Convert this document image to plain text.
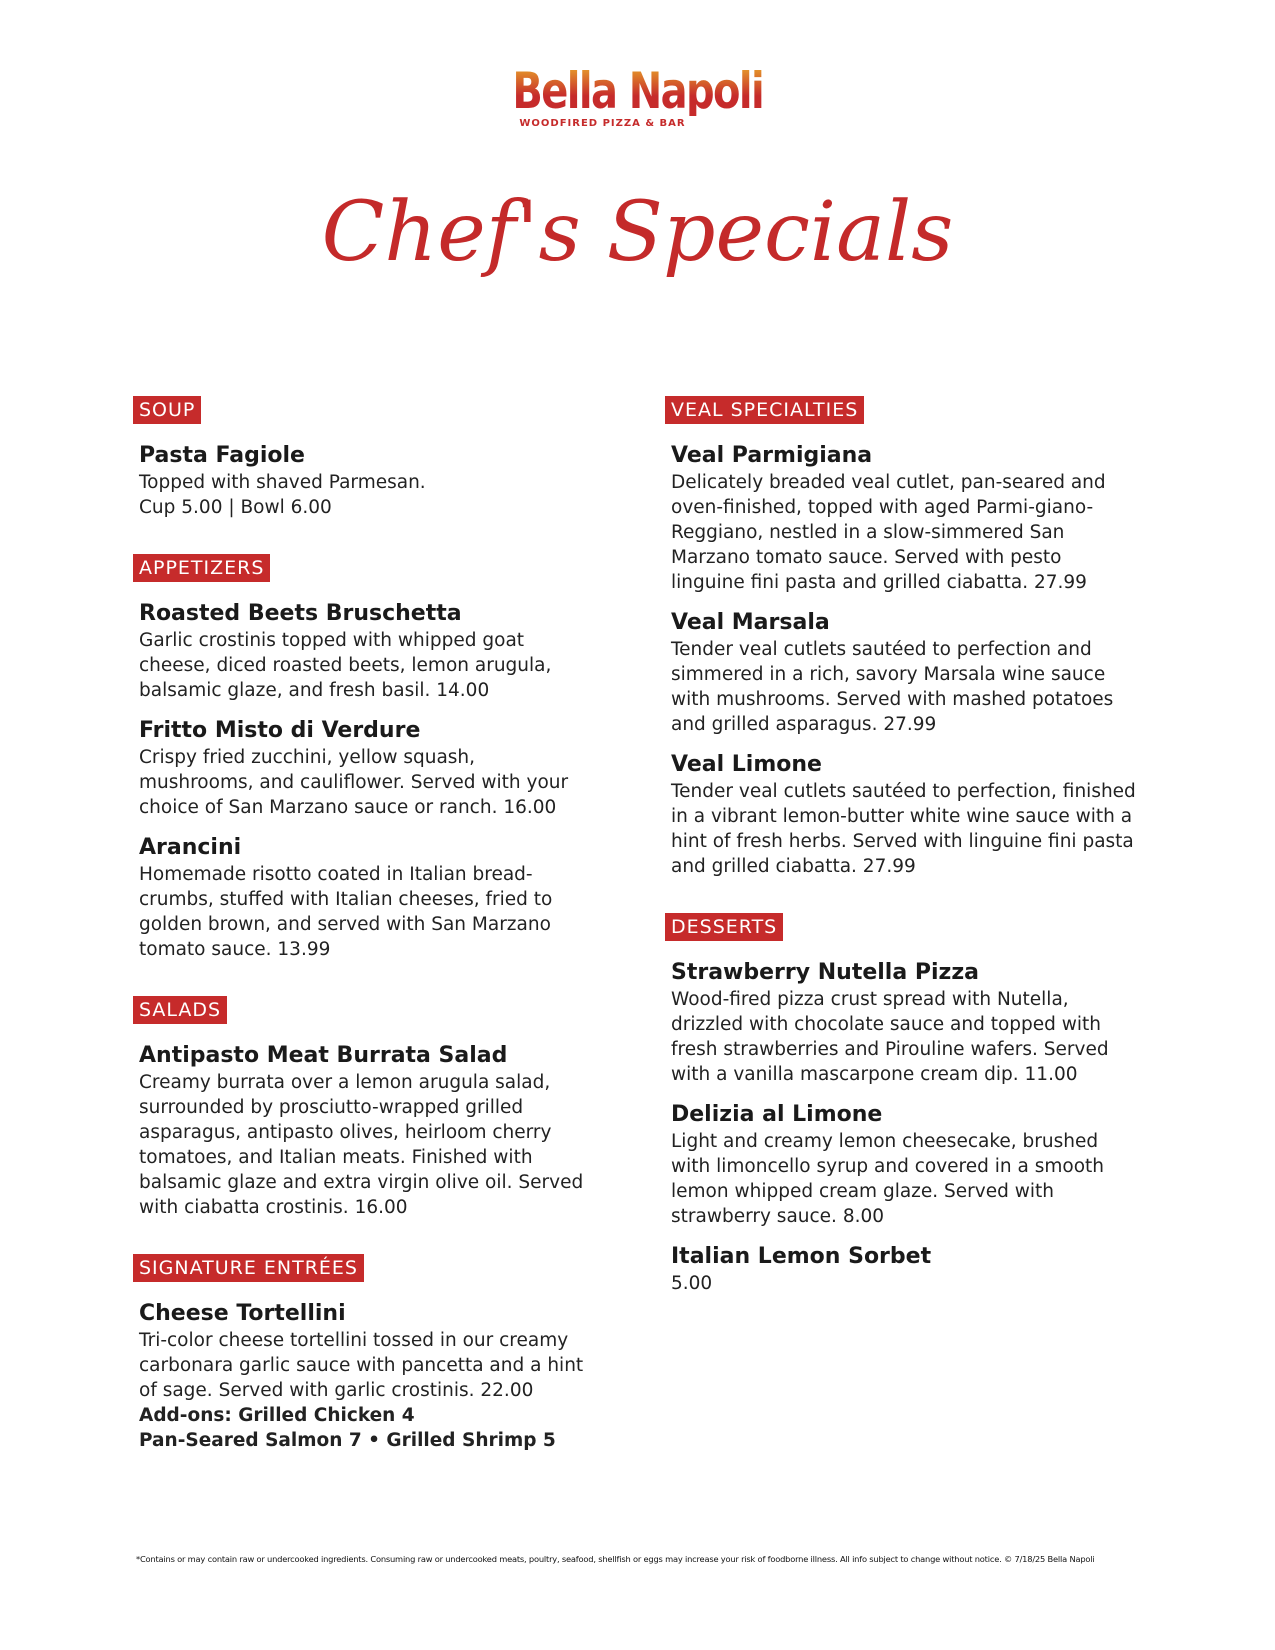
Bella Napoli
WOODFIRED PIZZA & BAR
Chef's Specials
SOUP
Pasta Fagiole
Topped with shaved Parmesan.
Cup 5.00 | Bowl 6.00
APPETIZERS
Roasted Beets Bruschetta
Garlic crostinis topped with whipped goat cheese, diced roasted beets, lemon arugula, balsamic glaze, and fresh basil. 14.00
Fritto Misto di Verdure
Crispy fried zucchini, yellow squash, mushrooms, and cauliflower. Served with your choice of San Marzano sauce or ranch. 16.00
Arancini
Homemade risotto coated in Italian bread-crumbs, stuffed with Italian cheeses, fried to golden brown, and served with San Marzano tomato sauce. 13.99
SALADS
Antipasto Meat Burrata Salad
Creamy burrata over a lemon arugula salad, surrounded by prosciutto-wrapped grilled asparagus, antipasto olives, heirloom cherry tomatoes, and Italian meats. Finished with balsamic glaze and extra virgin olive oil. Served with ciabatta crostinis. 16.00
SIGNATURE ENTRÉES
Cheese Tortellini
Tri-color cheese tortellini tossed in our creamy carbonara garlic sauce with pancetta and a hint of sage. Served with garlic crostinis. 22.00
Add-ons: Grilled Chicken 4
Pan-Seared Salmon 7 • Grilled Shrimp 5
VEAL SPECIALTIES
Veal Parmigiana
Delicately breaded veal cutlet, pan-seared and oven-finished, topped with aged Parmi-giano-Reggiano, nestled in a slow-simmered San Marzano tomato sauce. Served with pesto linguine fini pasta and grilled ciabatta. 27.99
Veal Marsala
Tender veal cutlets sautéed to perfection and simmered in a rich, savory Marsala wine sauce with mushrooms. Served with mashed potatoes and grilled asparagus. 27.99
Veal Limone
Tender veal cutlets sautéed to perfection, finished in a vibrant lemon-butter white wine sauce with a hint of fresh herbs. Served with linguine fini pasta and grilled ciabatta. 27.99
DESSERTS
Strawberry Nutella Pizza
Wood-fired pizza crust spread with Nutella, drizzled with chocolate sauce and topped with fresh strawberries and Pirouline wafers. Served with a vanilla mascarpone cream dip. 11.00
Delizia al Limone
Light and creamy lemon cheesecake, brushed with limoncello syrup and covered in a smooth lemon whipped cream glaze. Served with strawberry sauce. 8.00
Italian Lemon Sorbet
5.00
*Contains or may contain raw or undercooked ingredients. Consuming raw or undercooked meats, poultry, seafood, shellfish or eggs may increase your risk of foodborne illness. All info subject to change without notice. © 7/18/25 Bella Napoli
